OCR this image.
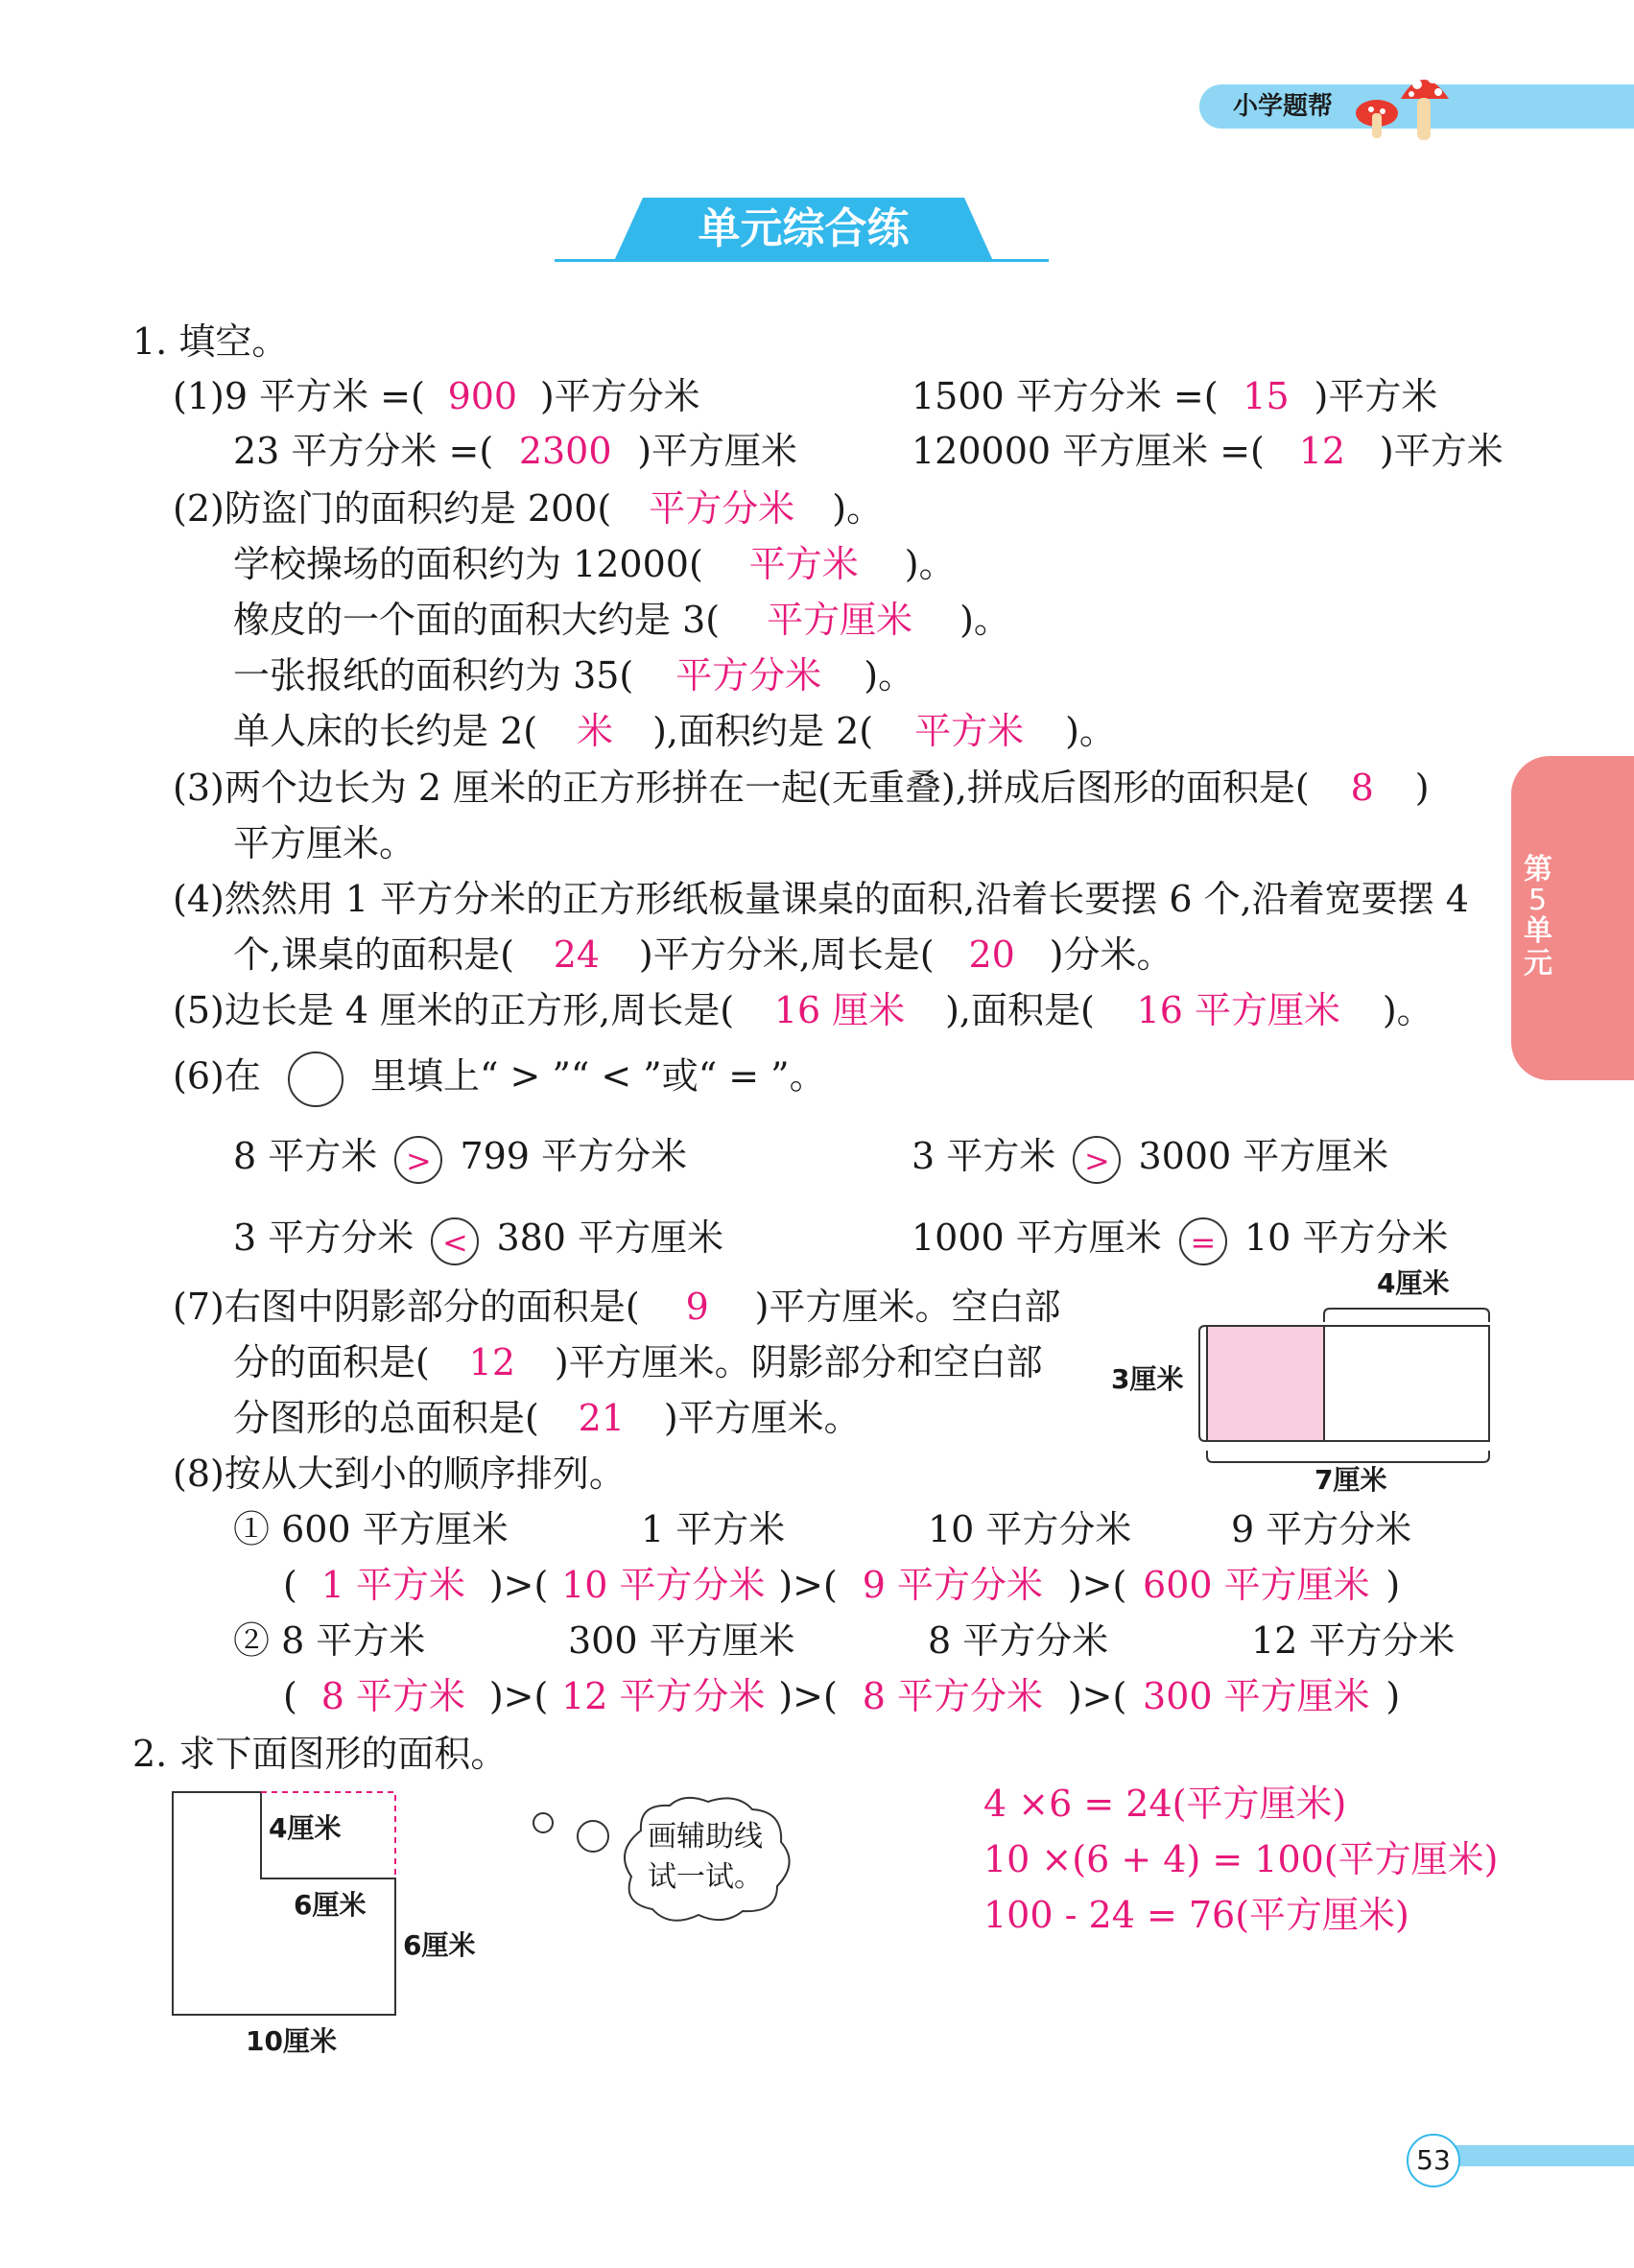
小学题帮
单元综合练
第
5
单元
1. 填空。
(1)9 平方米 =( 900 )平方分米	1500 平方分米 =( 15 )平方米
23 平方分米 =( 2300 )平方厘米	120000 平方厘米 =( 12 )平方米
(2)防盗门的面积约是 200( 平方分米 )。
学校操场的面积约为 12000( 平方米 )。
橡皮的一个面的面积大约是 3( 平方厘米 )。
一张报纸的面积约为 35( 平方分米 )。
单人床的长约是 2( 米 ),面积约是 2( 平方米 )。
(3)两个边长为 2 厘米的正方形拼在一起(无重叠),拼成后图形的面积是( 8 )
平方厘米。
(4)然然用 1 平方分米的正方形纸板量课桌的面积,沿着长要摆 6 个,沿着宽要摆 4
个,课桌的面积是( 24 )平方分米,周长是( 20 )分米。
(5)边长是 4 厘米的正方形,周长是( 16 厘米 ),面积是( 16 平方厘米 )。
(6)在	里填上“ > ”“ < ”或“ = ”。
8 平方米 > 799 平方分米	3 平方米 > 3000 平方厘米
3 平方分米 < 380 平方厘米	1000 平方厘米 = 10 平方分米
(7)右图中阴影部分的面积是( 9 )平方厘米。空白部
分的面积是( 12 )平方厘米。阴影部分和空白部
分图形的总面积是( 21 )平方厘米。
4厘米
3厘米
7厘米
(8)按从大到小的顺序排列。
① 600 平方厘米	1 平方米	10 平方分米	9 平方分米
( 1 平方米 )>( 10 平方分米 )>( 9 平方分米 )>( 600 平方厘米 )
② 8 平方米	300 平方厘米	8 平方分米	12 平方分米
( 8 平方米 )>( 12 平方分米 )>( 8 平方分米 )>( 300 平方厘米 )
2. 求下面图形的面积。
4厘米
6厘米
6厘米
10厘米
画辅助线
试一试。
4 ×6 = 24(平方厘米)
10 ×(6 + 4) = 100(平方厘米)
100 - 24 = 76(平方厘米)
53
